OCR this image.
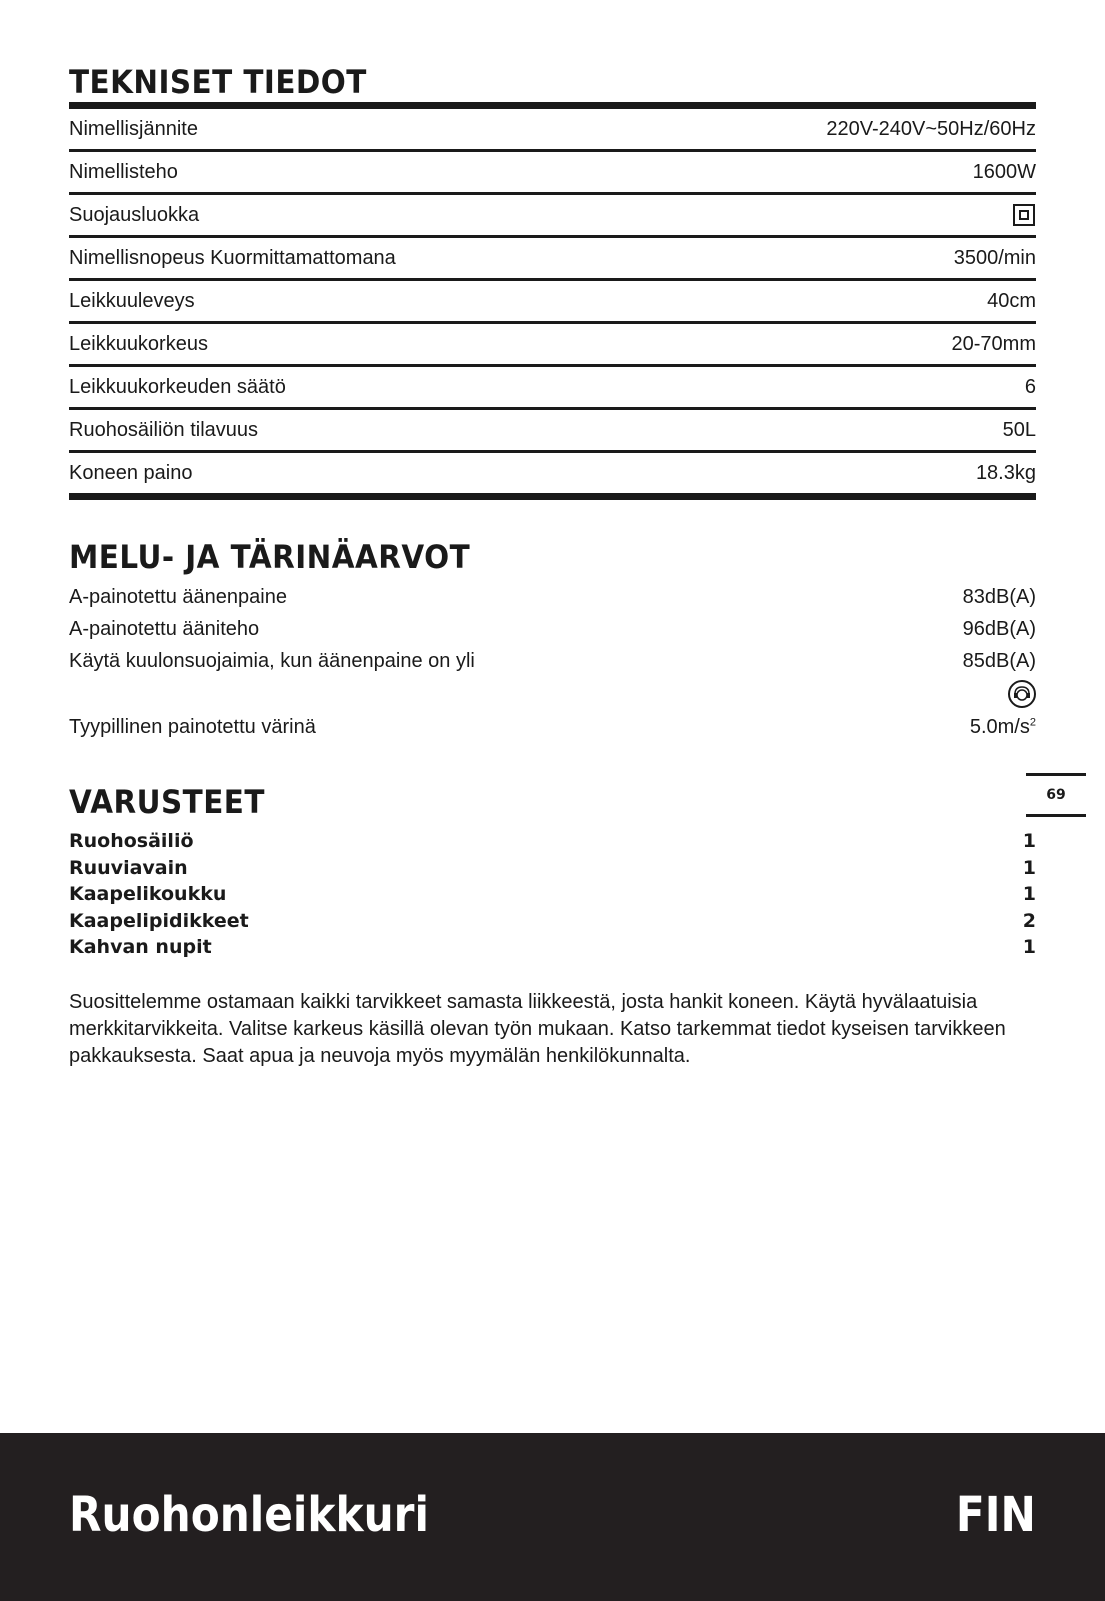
TEKNISET TIEDOT
Nimellisjännite	220V-240V~50Hz/60Hz
Nimellisteho	1600W
Suojausluokka
Nimellisnopeus Kuormittamattomana	3500/min
Leikkuuleveys	40cm
Leikkuukorkeus	20-70mm
Leikkuukorkeuden säätö	6
Ruohosäiliön tilavuus	50L
Koneen paino	18.3kg
MELU- JA TÄRINÄARVOT
A-painotettu äänenpaine	83dB(A)
A-painotettu ääniteho	96dB(A)
Käytä kuulonsuojaimia, kun äänenpaine on yli	85dB(A)
Tyypillinen painotettu värinä	$5.0m/s^2$
VARUSTEET
Ruohosäiliö	1
Ruuviavain	1
Kaapelikoukku	1
Kaapelipidikkeet	2
Kahvan nupit	1

Suosittelemme ostamaan kaikki tarvikkeet samasta liikkeestä, josta hankit koneen. Käytä hyvälaatuisia merkkitarvikkeita. Valitse karkeus käsillä olevan työn mukaan. Katso tarkemmat tiedot kyseisen tarvikkeen pakkauksesta. Saat apua ja neuvoja myös myymälän henkilökunnalta.

69
Ruohonleikkuri	FIN
